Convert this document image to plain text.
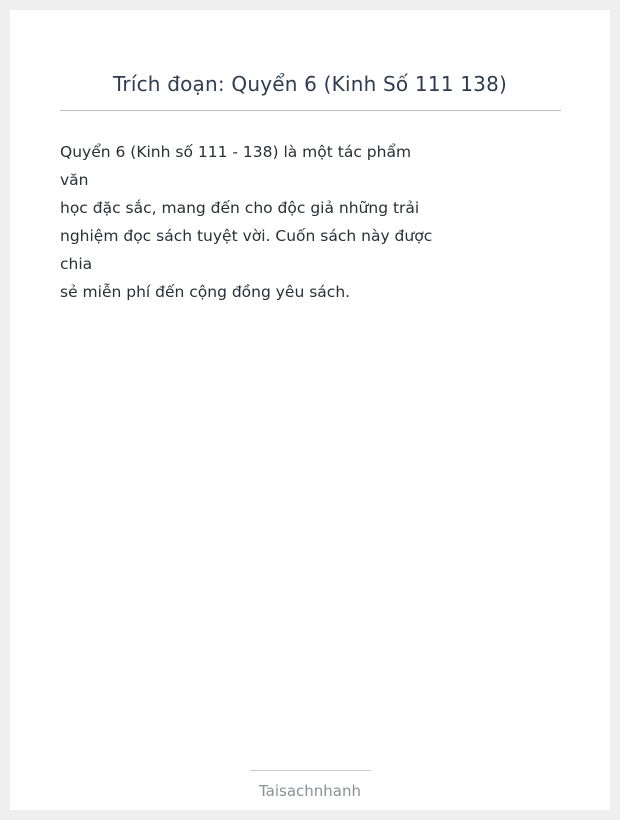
Trích đoạn: Quyển 6 (Kinh Số 111 138)
Quyển 6 (Kinh số 111 - 138) là một tác phẩm
văn
học đặc sắc, mang đến cho độc giả những trải
nghiệm đọc sách tuyệt vời. Cuốn sách này được
chia
sẻ miễn phí đến cộng đồng yêu sách.
Taisachnhanh
